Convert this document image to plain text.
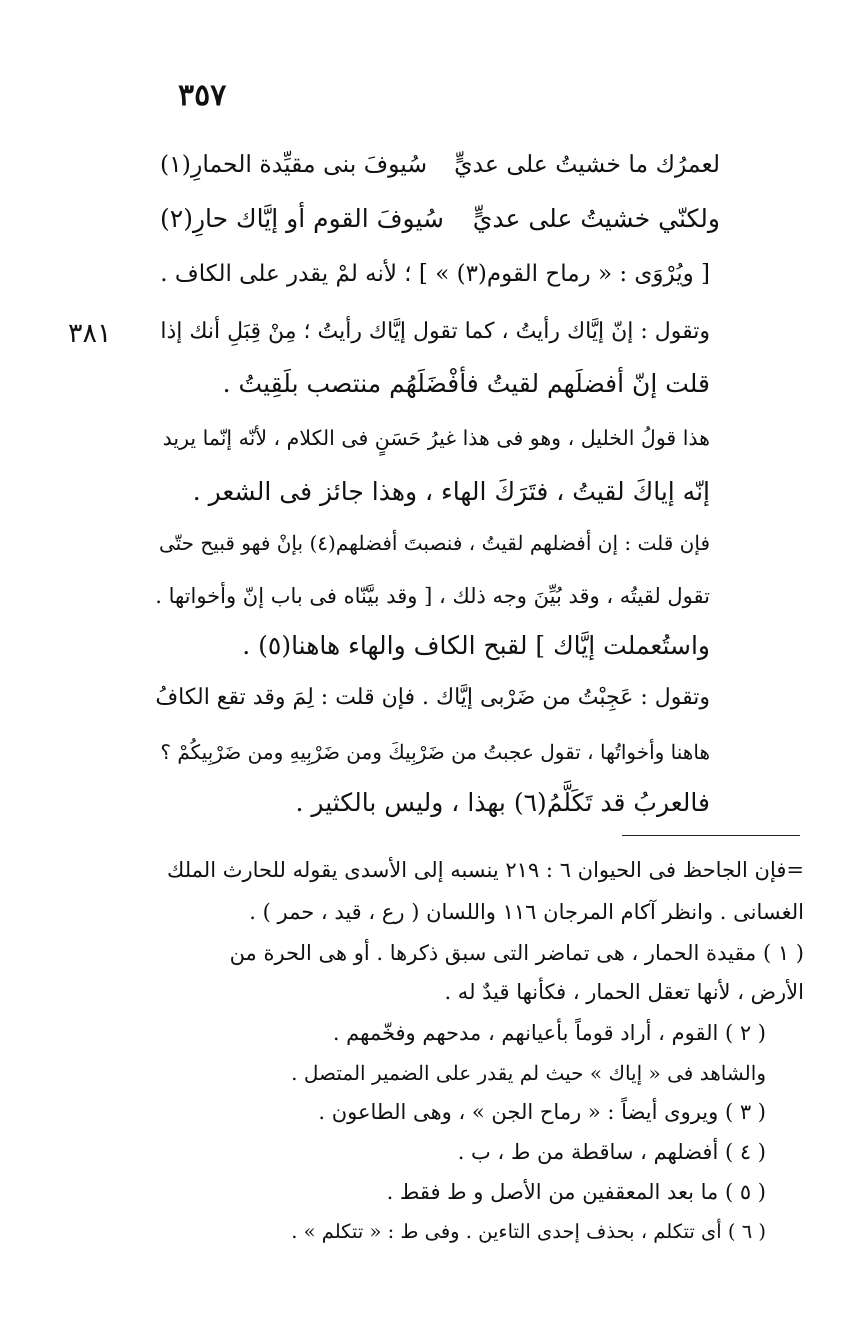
٣٥٧
٣٨١
لعمرُك ما خشيتُ على عديٍّ
سُيوفَ بنى مقيِّدة الحمارِ(١)
ولكنّي خشيتُ على عديٍّ
سُيوفَ القوم أو إيَّاك حارِ(٢)
[ ويُرْوَى : « رماح القوم(٣) » ] ؛ لأنه لمْ يقدر على الكاف .
وتقول : إنّ إيَّاك رأيتُ ، كما تقول إيَّاك رأيتُ ؛ مِنْ قِبَلِ أنك إذا
قلت إنّ أفضلَهم لقيتُ فأفْضَلَهُم منتصب بلَقِيتُ .
هذا قولُ الخليل ، وهو فى هذا غيرُ حَسَنٍ فى الكلام ، لأنّه إنّما يريد
إنّه إياكَ لقيتُ ، فتَرَكَ الهاء ، وهذا جائز فى الشعر .
فإن قلت : إن أفضلهم لقيتُ ، فنصبتَ أفضلهم(٤) بإنْ فهو قبيح حتّى
تقول لقيتُه ، وقد بُيِّنَ وجه ذلك ، [ وقد بيَّنّاه فى باب إنّ وأخواتها .
واستُعملت إيَّاك ] لقبح الكاف والهاء هاهنا(٥) .
وتقول : عَجِبْتُ من ضَرْبى إيَّاك . فإن قلت : لِمَ وقد تقع الكافُ
هاهنا وأخواتُها ، تقول عجبتُ من ضَرْبِيكَ ومن ضَرْبِيهِ ومن ضَرْبِيكُمْ ؟
فالعربُ قد تَكَلَّمُ(٦) بهذا ، وليس بالكثير .
=فإن الجاحظ فى الحيوان ٦ : ٢١٩ ينسبه إلى الأسدى يقوله للحارث الملك
الغسانى . وانظر آكام المرجان ١١٦ واللسان ( رع ، قيد ، حمر ) .
( ١ ) مقيدة الحمار ، هى تماضر التى سبق ذكرها . أو هى الحرة من
الأرض ، لأنها تعقل الحمار ، فكأنها قيدٌ له .
( ٢ ) القوم ، أراد قوماً بأعيانهم ، مدحهم وفخّمهم .
والشاهد فى « إياك » حيث لم يقدر على الضمير المتصل .
( ٣ ) ويروى أيضاً : « رماح الجن » ، وهى الطاعون .
( ٤ ) أفضلهم ، ساقطة من ط ، ب .
( ٥ ) ما بعد المعقفين من الأصل و ط فقط .
( ٦ ) أى تتكلم ، بحذف إحدى التاءين . وفى ط : « تتكلم » .
